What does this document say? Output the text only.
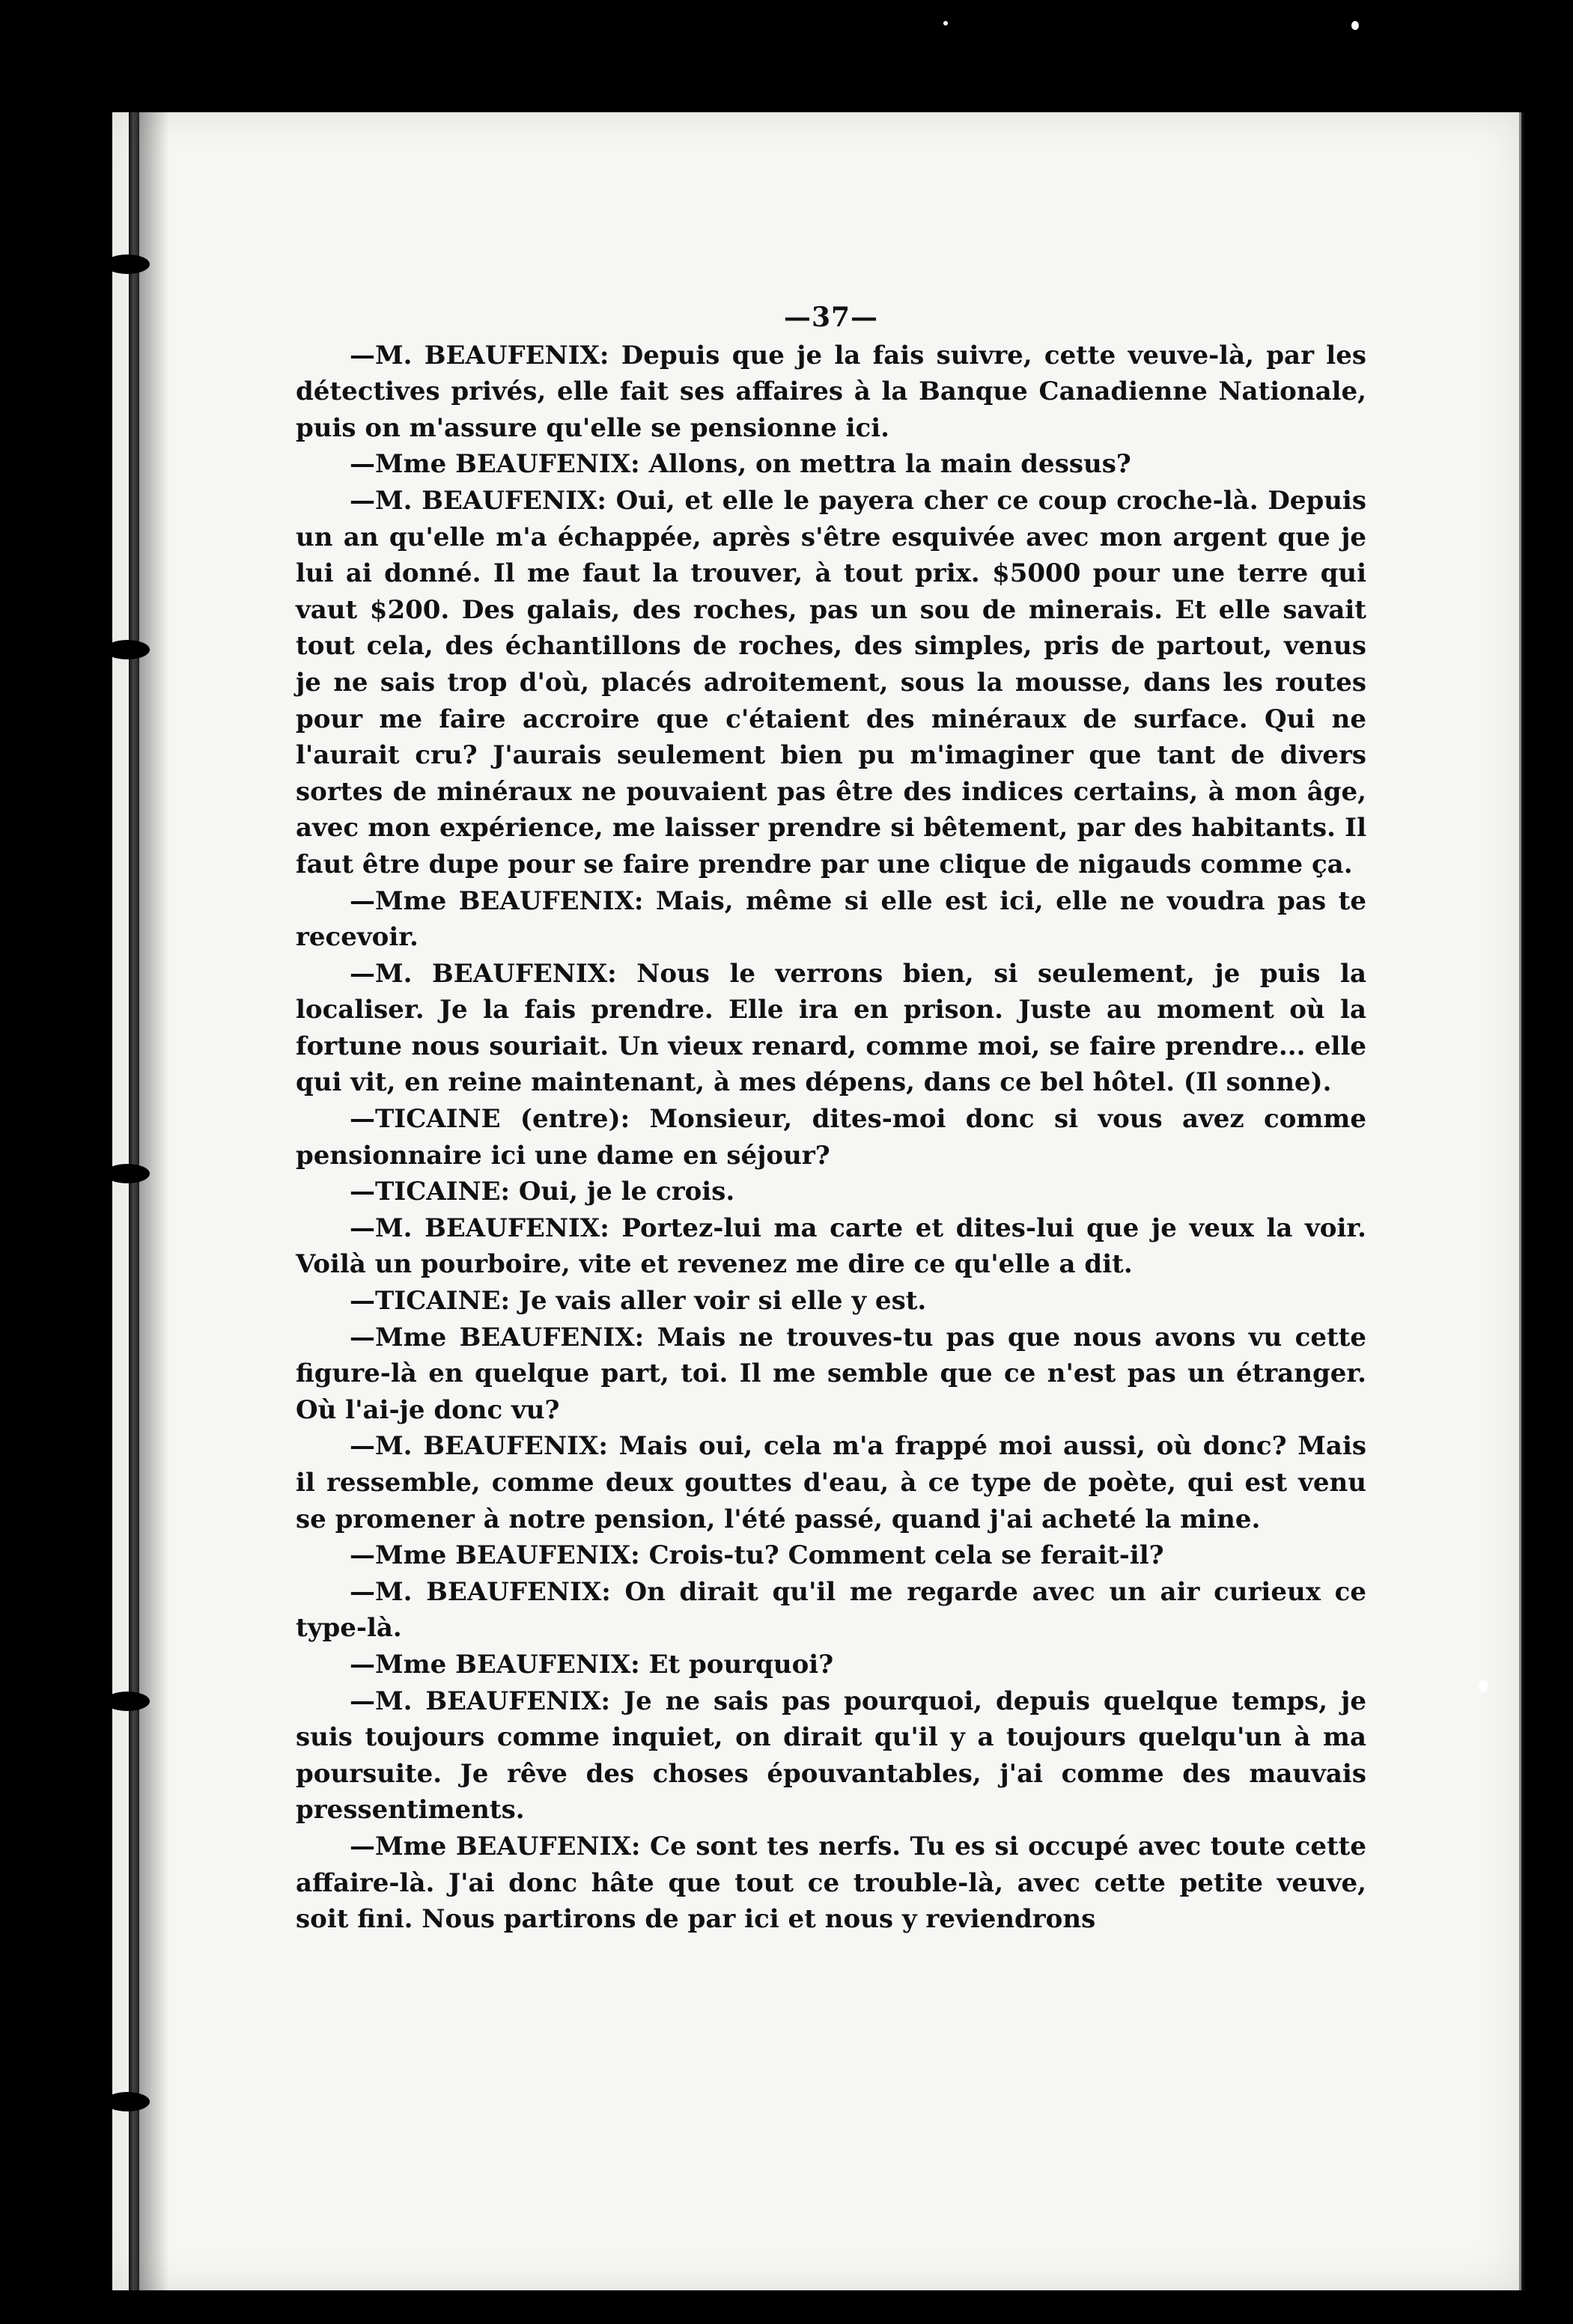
—37—

—M. BEAUFENIX: Depuis que je la fais suivre, cette veuve-là, par les détectives privés, elle fait ses affaires à la Banque Canadienne Nationale, puis on m'assure qu'elle se pensionne ici.

—Mme BEAUFENIX: Allons, on mettra la main dessus?

—M. BEAUFENIX: Oui, et elle le payera cher ce coup croche-là. Depuis un an qu'elle m'a échappée, après s'être esquivée avec mon argent que je lui ai donné. Il me faut la trouver, à tout prix. $5000 pour une terre qui vaut $200. Des galais, des roches, pas un sou de minerais. Et elle savait tout cela, des échantillons de roches, des simples, pris de partout, venus je ne sais trop d'où, placés adroitement, sous la mousse, dans les routes pour me faire accroire que c'étaient des minéraux de surface. Qui ne l'aurait cru? J'aurais seulement bien pu m'imaginer que tant de divers sortes de minéraux ne pouvaient pas être des indices certains, à mon âge, avec mon expérience, me laisser prendre si bêtement, par des habitants. Il faut être dupe pour se faire prendre par une clique de nigauds comme ça.

—Mme BEAUFENIX: Mais, même si elle est ici, elle ne voudra pas te recevoir.

—M. BEAUFENIX: Nous le verrons bien, si seulement, je puis la localiser. Je la fais prendre. Elle ira en prison. Juste au moment où la fortune nous souriait. Un vieux renard, comme moi, se faire prendre... elle qui vit, en reine maintenant, à mes dépens, dans ce bel hôtel. (Il sonne).

—TICAINE (entre): Monsieur, dites-moi donc si vous avez comme pensionnaire ici une dame en séjour?

—TICAINE: Oui, je le crois.

—M. BEAUFENIX: Portez-lui ma carte et dites-lui que je veux la voir. Voilà un pourboire, vite et revenez me dire ce qu'elle a dit.

—TICAINE: Je vais aller voir si elle y est.

—Mme BEAUFENIX: Mais ne trouves-tu pas que nous avons vu cette figure-là en quelque part, toi. Il me semble que ce n'est pas un étranger. Où l'ai-je donc vu?

—M. BEAUFENIX: Mais oui, cela m'a frappé moi aussi, où donc? Mais il ressemble, comme deux gouttes d'eau, à ce type de poète, qui est venu se promener à notre pension, l'été passé, quand j'ai acheté la mine.

—Mme BEAUFENIX: Crois-tu? Comment cela se ferait-il?

—M. BEAUFENIX: On dirait qu'il me regarde avec un air curieux ce type-là.

—Mme BEAUFENIX: Et pourquoi?

—M. BEAUFENIX: Je ne sais pas pourquoi, depuis quelque temps, je suis toujours comme inquiet, on dirait qu'il y a toujours quelqu'un à ma poursuite. Je rêve des choses épouvantables, j'ai comme des mauvais pressentiments.

—Mme BEAUFENIX: Ce sont tes nerfs. Tu es si occupé avec toute cette affaire-là. J'ai donc hâte que tout ce trouble-là, avec cette petite veuve, soit fini. Nous partirons de par ici et nous y reviendrons
